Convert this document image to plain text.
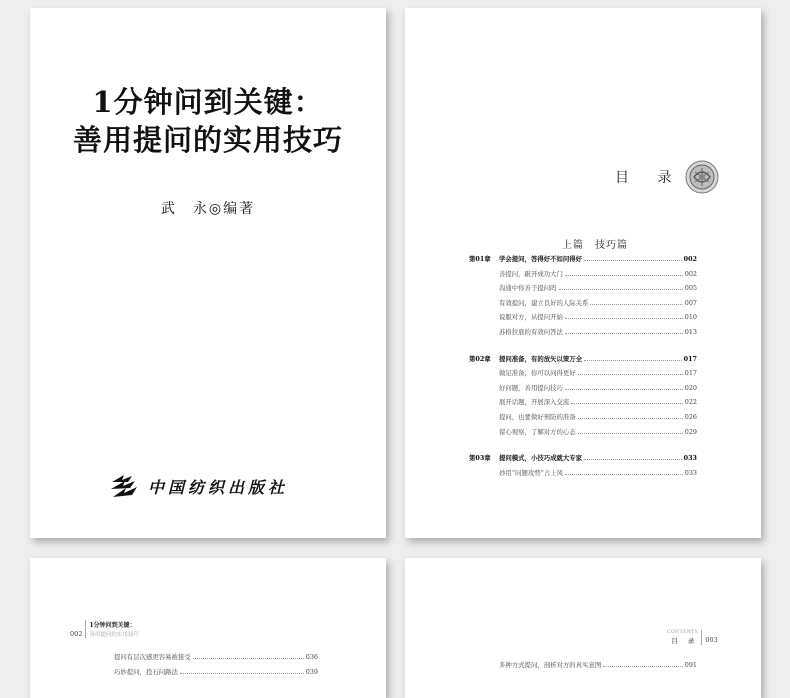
1分钟问到关键：
善用提问的实用技巧
武　永◎编著
中国纺织出版社
目 录
上篇　技巧篇
第01章	学会提问，答得好不如问得好	002
善提问，敲开成功大门	002
沟通中你善于提问吗	005
有效提问，建立良好的人际关系	007
说服对方，从提问开始	010
苏格拉底的有效问答法	013
第02章	提问准备，有的放矢以策万全	017
做足准备，你可以问得更好	017
好问题，善用提问技巧	020
展开话题，开展深入交流	022
提问，也要做好预防的准备	026
留心观察，了解对方的心态	029
第03章	提问模式，小技巧成就大专家	033
妙用“问题攻势”占上风	033
002
1分钟问到关键：
善用提问的实用技巧
提问有层次感更容易被接受	036
巧妙提问，投石问路法	039
CONTENTS
目 录 003
多种方式提问，剖析对方的真实意图	091
